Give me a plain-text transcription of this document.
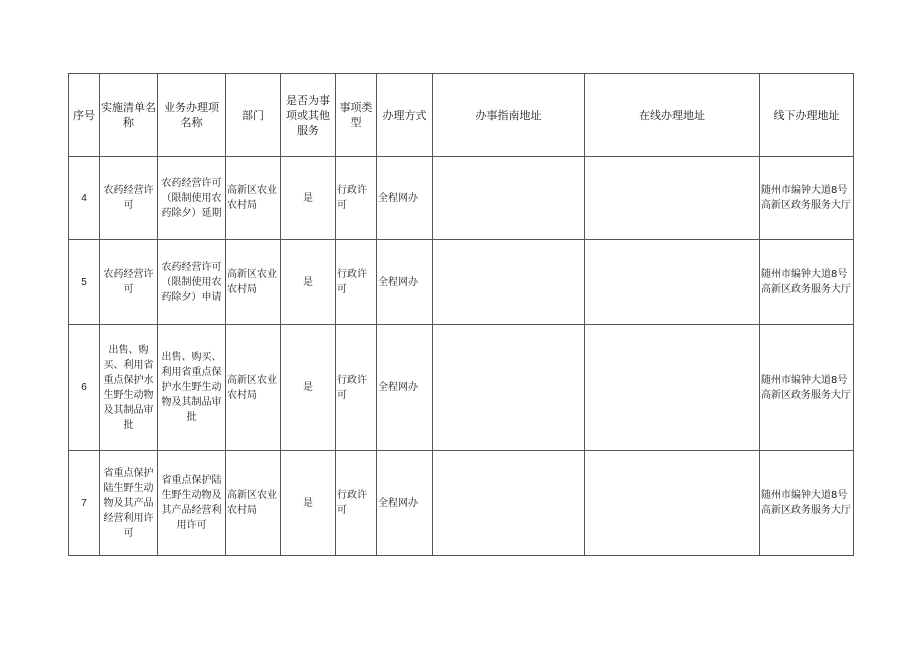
序号	实施清单名称	业务办理项名称	部门	是否为事项或其他服务	事项类型	办理方式	办事指南地址	在线办理地址	线下办理地址
4	农药经营许可	农药经营许可（限制使用农药除夕）延期	高新区农业农村局	是	行政许可	全程网办			随州市编钟大道8号高新区政务服务大厅
5	农药经营许可	农药经营许可（限制使用农药除夕）申请	高新区农业农村局	是	行政许可	全程网办			随州市编钟大道8号高新区政务服务大厅
6	出售、购买、利用省重点保护水生野生动物及其制品审批	出售、购买、利用省重点保护水生野生动物及其制品审批	高新区农业农村局	是	行政许可	全程网办			随州市编钟大道8号高新区政务服务大厅
7	省重点保护陆生野生动物及其产品经营利用许可	省重点保护陆生野生动物及其产品经营利用许可	高新区农业农村局	是	行政许可	全程网办			随州市编钟大道8号高新区政务服务大厅
